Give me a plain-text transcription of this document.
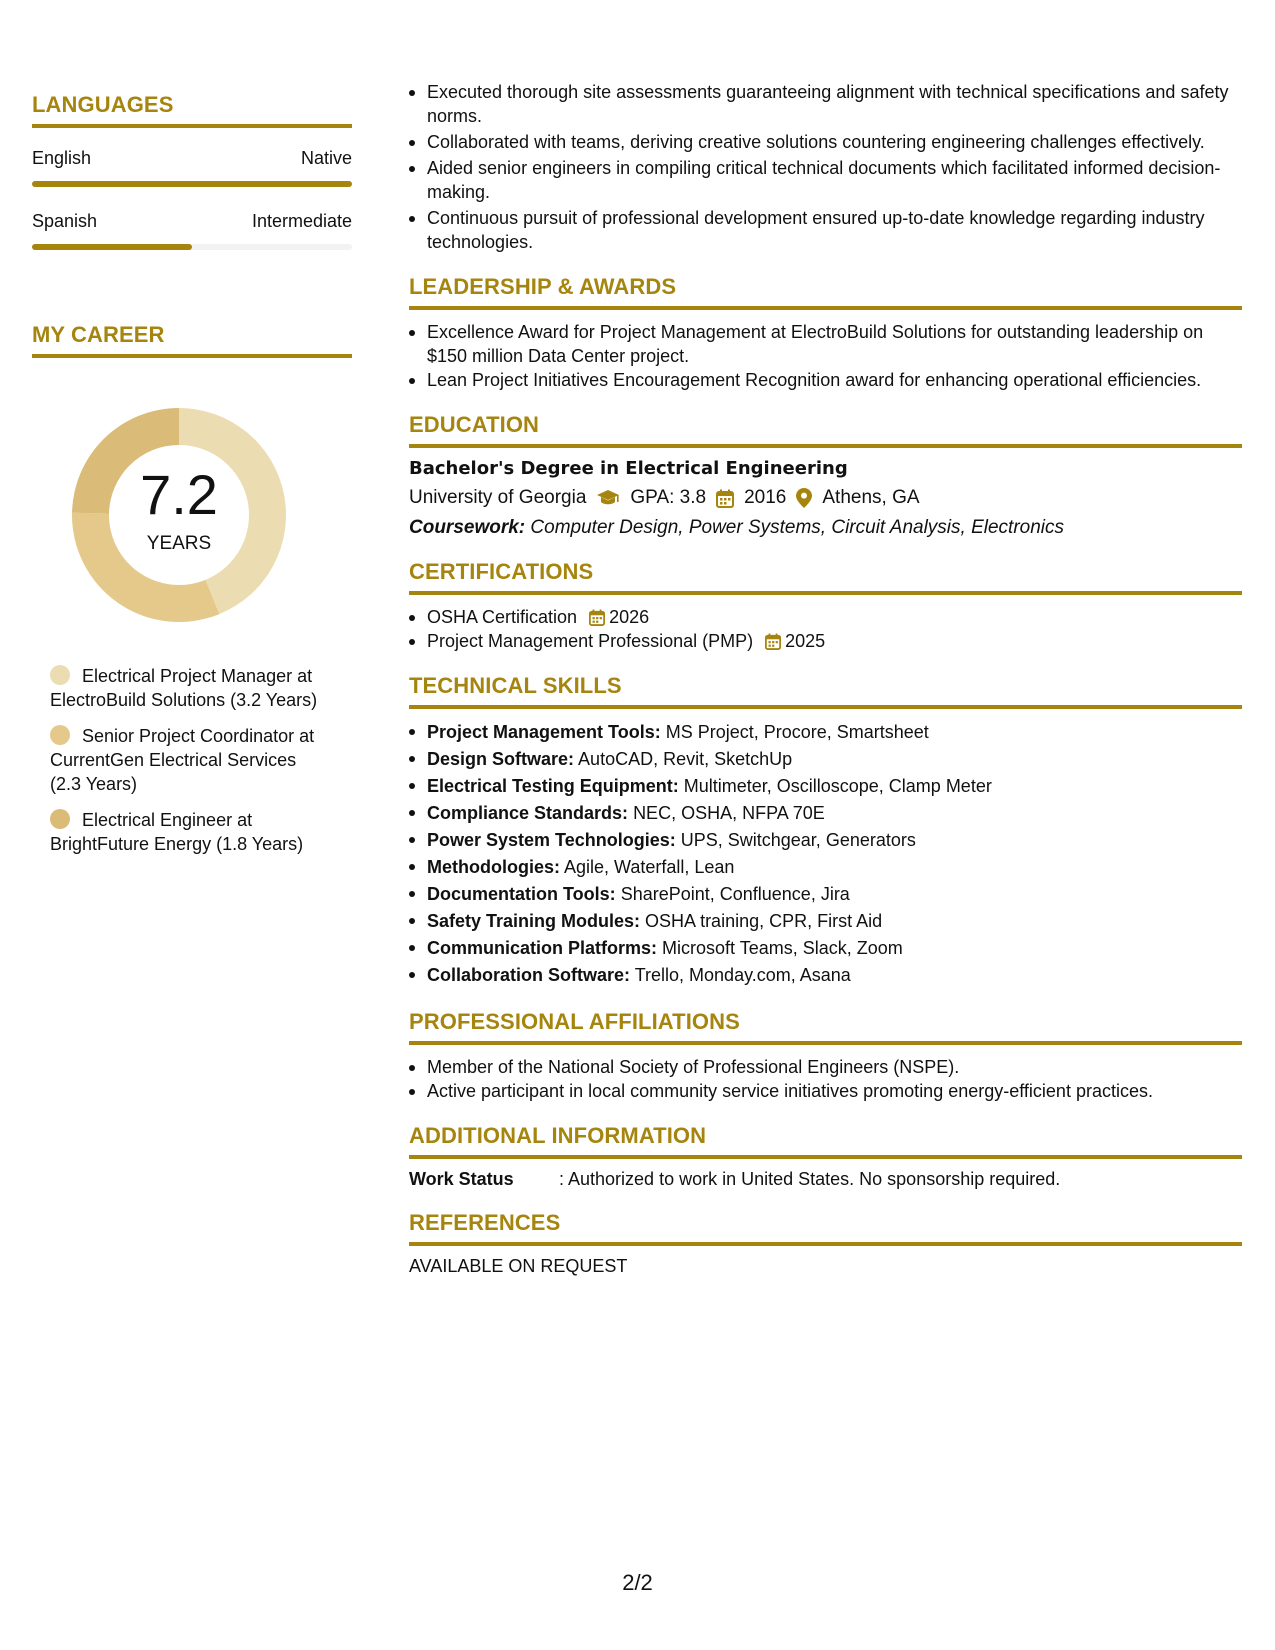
LANGUAGES
English	Native
Spanish	Intermediate
MY CAREER
7.2
YEARS
Electrical Project Manager at ElectroBuild Solutions (3.2 Years)
Senior Project Coordinator at CurrentGen Electrical Services (2.3 Years)
Electrical Engineer at BrightFuture Energy (1.8 Years)
Executed thorough site assessments guaranteeing alignment with technical specifications and safety norms.
Collaborated with teams, deriving creative solutions countering engineering challenges effectively.
Aided senior engineers in compiling critical technical documents which facilitated informed decision-making.
Continuous pursuit of professional development ensured up-to-date knowledge regarding industry technologies.
LEADERSHIP & AWARDS
Excellence Award for Project Management at ElectroBuild Solutions for outstanding leadership on $150 million Data Center project.
Lean Project Initiatives Encouragement Recognition award for enhancing operational efficiencies.
EDUCATION
Bachelor's Degree in Electrical Engineering
University of Georgia GPA: 3.8 2016 Athens, GA
Coursework: Computer Design, Power Systems, Circuit Analysis, Electronics
CERTIFICATIONS
OSHA Certification 2026
Project Management Professional (PMP) 2025
TECHNICAL SKILLS
Project Management Tools: MS Project, Procore, Smartsheet
Design Software: AutoCAD, Revit, SketchUp
Electrical Testing Equipment: Multimeter, Oscilloscope, Clamp Meter
Compliance Standards: NEC, OSHA, NFPA 70E
Power System Technologies: UPS, Switchgear, Generators
Methodologies: Agile, Waterfall, Lean
Documentation Tools: SharePoint, Confluence, Jira
Safety Training Modules: OSHA training, CPR, First Aid
Communication Platforms: Microsoft Teams, Slack, Zoom
Collaboration Software: Trello, Monday.com, Asana
PROFESSIONAL AFFILIATIONS
Member of the National Society of Professional Engineers (NSPE).
Active participant in local community service initiatives promoting energy-efficient practices.
ADDITIONAL INFORMATION
Work Status	: Authorized to work in United States. No sponsorship required.
REFERENCES
AVAILABLE ON REQUEST
2/2
